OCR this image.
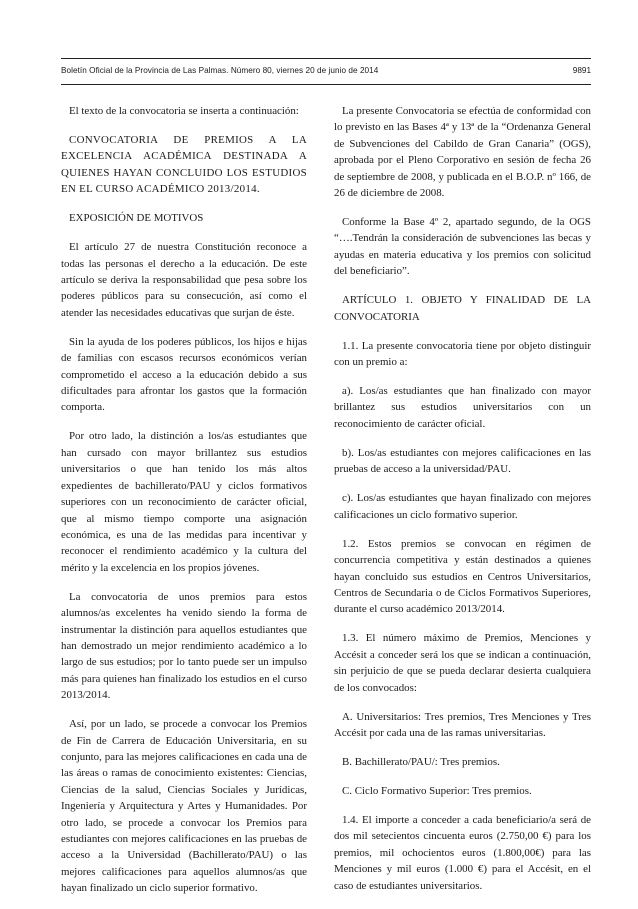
Boletín Oficial de la Provincia de Las Palmas. Número 80, viernes 20 de junio de 2014	9891

El texto de la convocatoria se inserta a continuación:

CONVOCATORIA DE PREMIOS A LA EXCELENCIA ACADÉMICA DESTINADA A QUIENES HAYAN CONCLUIDO LOS ESTUDIOS EN EL CURSO ACADÉMICO 2013/2014.

EXPOSICIÓN DE MOTIVOS

El artículo 27 de nuestra Constitución reconoce a todas las personas el derecho a la educación. De este artículo se deriva la responsabilidad que pesa sobre los poderes públicos para su consecución, así como el atender las necesidades educativas que surjan de éste.

Sin la ayuda de los poderes públicos, los hijos e hijas de familias con escasos recursos económicos verían comprometido el acceso a la educación debido a sus dificultades para afrontar los gastos que la formación comporta.

Por otro lado, la distinción a los/as estudiantes que han cursado con mayor brillantez sus estudios universitarios o que han tenido los más altos expedientes de bachillerato/PAU y ciclos formativos superiores con un reconocimiento de carácter oficial, que al mismo tiempo comporte una asignación económica, es una de las medidas para incentivar y reconocer el rendimiento académico y la cultura del mérito y la excelencia en los propios jóvenes.

La convocatoria de unos premios para estos alumnos/as excelentes ha venido siendo la forma de instrumentar la distinción para aquellos estudiantes que han demostrado un mejor rendimiento académico a lo largo de sus estudios; por lo tanto puede ser un impulso más para quienes han finalizado los estudios en el curso 2013/2014.

Así, por un lado, se procede a convocar los Premios de Fin de Carrera de Educación Universitaria, en su conjunto, para las mejores calificaciones en cada una de las áreas o ramas de conocimiento existentes: Ciencias, Ciencias de la salud, Ciencias Sociales y Jurídicas, Ingeniería y Arquitectura y Artes y Humanidades. Por otro lado, se procede a convocar los Premios para estudiantes con mejores calificaciones en las pruebas de acceso a la Universidad (Bachillerato/PAU) o las mejores calificaciones para aquellos alumnos/as que hayan finalizado un ciclo superior formativo.

La presente Convocatoria se efectúa de conformidad con lo previsto en las Bases 4ª y 13ª de la “Ordenanza General de Subvenciones del Cabildo de Gran Canaria” (OGS), aprobada por el Pleno Corporativo en sesión de fecha 26 de septiembre de 2008, y publicada en el B.O.P. nº 166, de 26 de diciembre de 2008.

Conforme la Base 4º 2, apartado segundo, de la OGS “….Tendrán la consideración de subvenciones las becas y ayudas en materia educativa y los premios con solicitud del beneficiario”.

ARTÍCULO 1. OBJETO Y FINALIDAD DE LA CONVOCATORIA

1.1. La presente convocatoria tiene por objeto distinguir con un premio a:

a). Los/as estudiantes que han finalizado con mayor brillantez sus estudios universitarios con un reconocimiento de carácter oficial.

b). Los/as estudiantes con mejores calificaciones en las pruebas de acceso a la universidad/PAU.

c). Los/as estudiantes que hayan finalizado con mejores calificaciones un ciclo formativo superior.

1.2. Estos premios se convocan en régimen de concurrencia competitiva y están destinados a quienes hayan concluido sus estudios en Centros Universitarios, Centros de Secundaria o de Ciclos Formativos Superiores, durante el curso académico 2013/2014.

1.3. El número máximo de Premios, Menciones y Accésit a conceder será los que se indican a continuación, sin perjuicio de que se pueda declarar desierta cualquiera de los convocados:

A. Universitarios: Tres premios, Tres Menciones y Tres Accésit por cada una de las ramas universitarias.

B. Bachillerato/PAU/: Tres premios.

C. Ciclo Formativo Superior: Tres premios.

1.4. El importe a conceder a cada beneficiario/a será de dos mil setecientos cincuenta euros (2.750,00 €) para los premios, mil ochocientos euros (1.800,00€) para las Menciones y mil euros (1.000 €) para el Accésit, en el caso de estudiantes universitarios.
